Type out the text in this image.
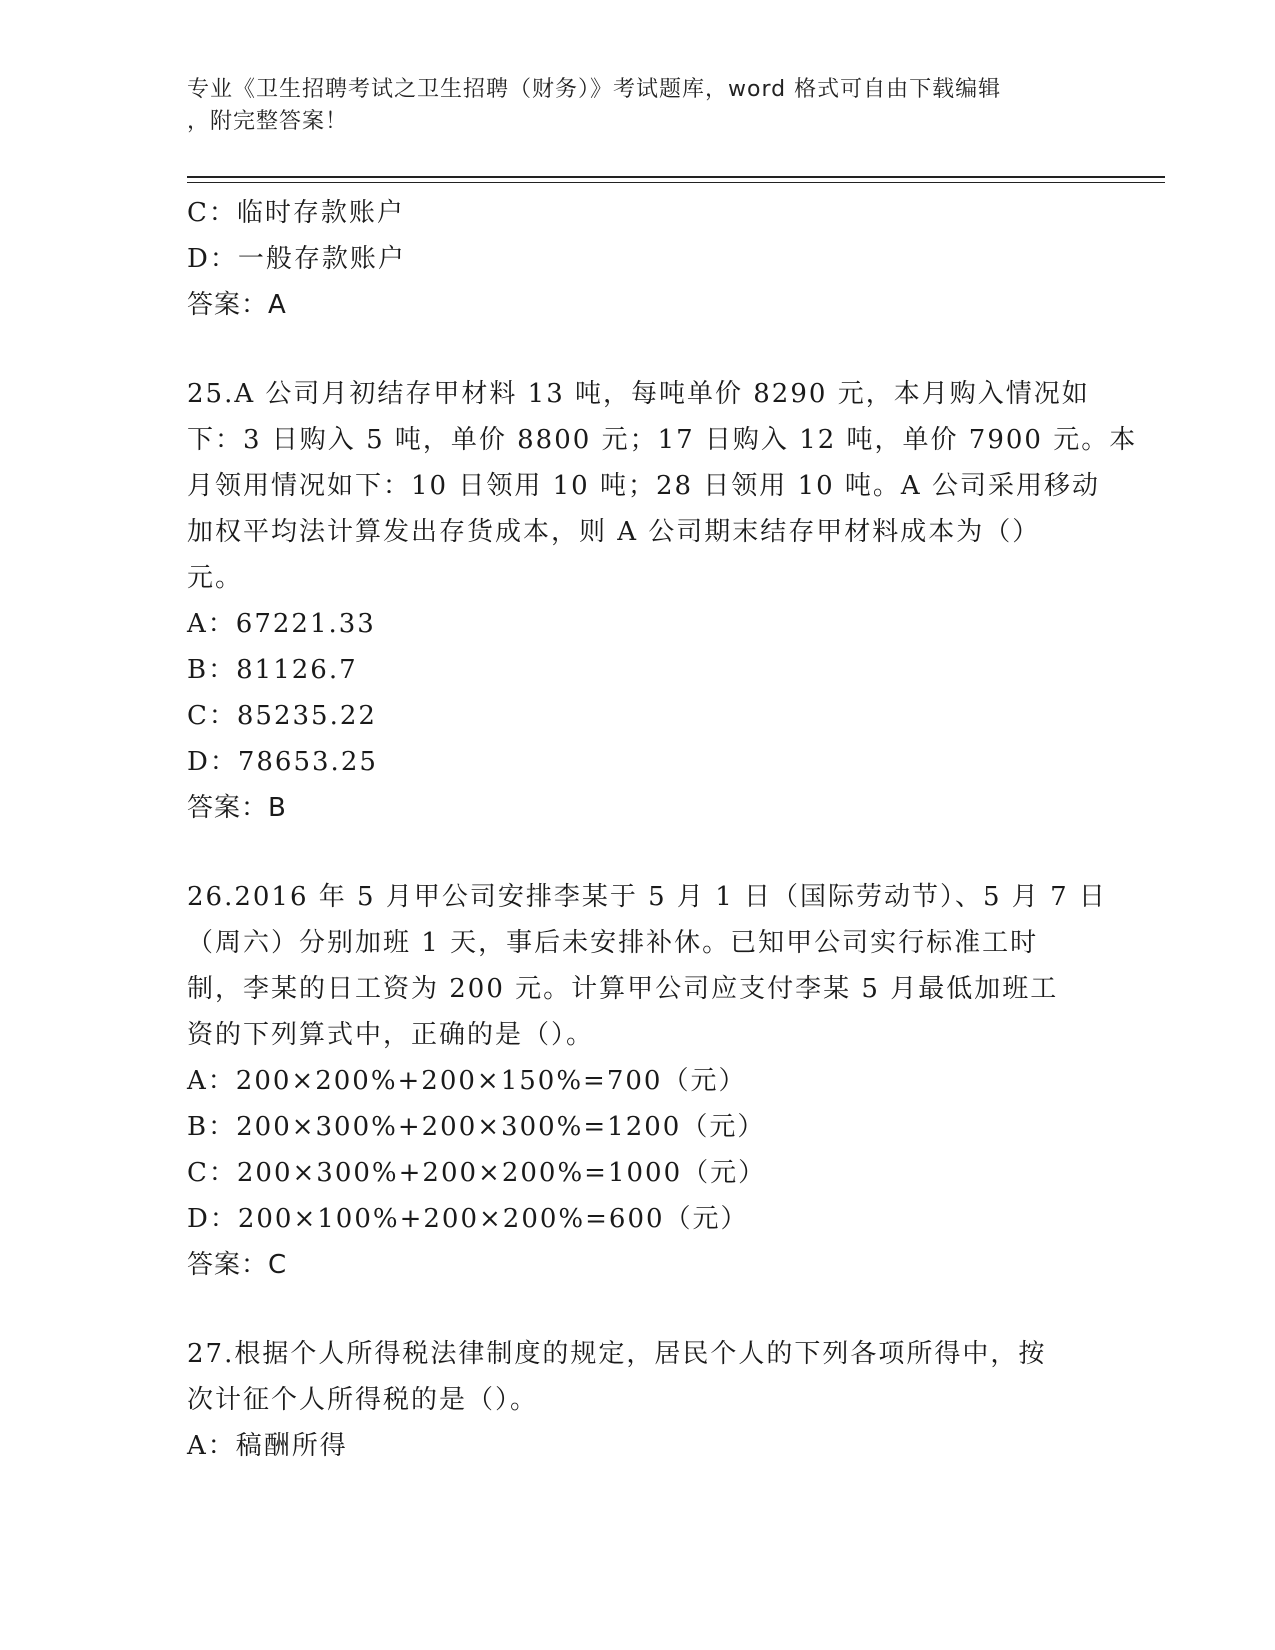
专业《卫生招聘考试之卫生招聘（财务）》考试题库，word 格式可自由下载编辑
，附完整答案！
C：临时存款账户
D：一般存款账户
答案：A
25.A 公司月初结存甲材料 13 吨，每吨单价 8290 元，本月购入情况如
下：3 日购入 5 吨，单价 8800 元；17 日购入 12 吨，单价 7900 元。本
月领用情况如下：10 日领用 10 吨；28 日领用 10 吨。A 公司采用移动
加权平均法计算发出存货成本，则 A 公司期末结存甲材料成本为（）
元。
A：67221.33
B：81126.7
C：85235.22
D：78653.25
答案：B
26.2016 年 5 月甲公司安排李某于 5 月 1 日（国际劳动节）、5 月 7 日
（周六）分别加班 1 天，事后未安排补休。已知甲公司实行标准工时
制，李某的日工资为 200 元。计算甲公司应支付李某 5 月最低加班工
资的下列算式中，正确的是（）。
A：200×200%+200×150%=700（元）
B：200×300%+200×300%=1200（元）
C：200×300%+200×200%=1000（元）
D：200×100%+200×200%=600（元）
答案：C
27.根据个人所得税法律制度的规定，居民个人的下列各项所得中，按
次计征个人所得税的是（）。
A：稿酬所得
